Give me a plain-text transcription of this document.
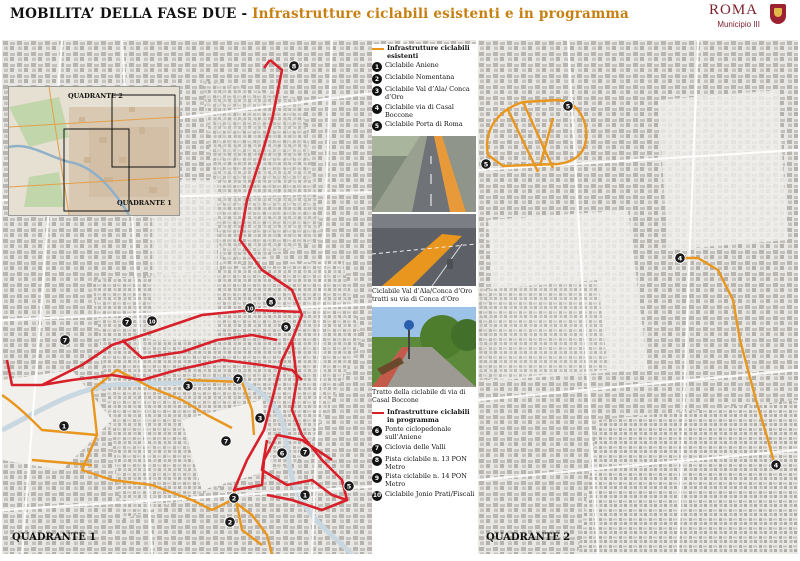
MOBILITA’ DELLA FASE DUE - Infrastrutture ciclabili esistenti e in programma	ROMA
Municipio III
8
10
8
7	10
9
7
3
7
7
3
1
1
6
2
2
5
7
QUADRANTE 2
QUADRANTE 1
QUADRANTE 1
Infrastrutture ciclabili esistenti
1 Ciclabile Aniene
2 Ciclabile Nomentana
3 Ciclabile Val d’Ala/ Conca d’Oro
4 Ciclabile via di Casal Boccone
5 Ciclabile Porta di Roma
Ciclabile Val d’Ala/Conca d’Oro tratti su via di Conca d’Oro
Tratto della ciclabile di via di Casal Boccone
Infrastrutture ciclabili in programma
6 Ponte ciclopedonale sull’Aniene
7 Ciclovia delle Valli
8 Pista ciclabile n. 13 PON Metro
9 Pista ciclabile n. 14 PON Metro
10 Ciclabile Jonio Prati/Fiscali
5
5
4
4
QUADRANTE 2
